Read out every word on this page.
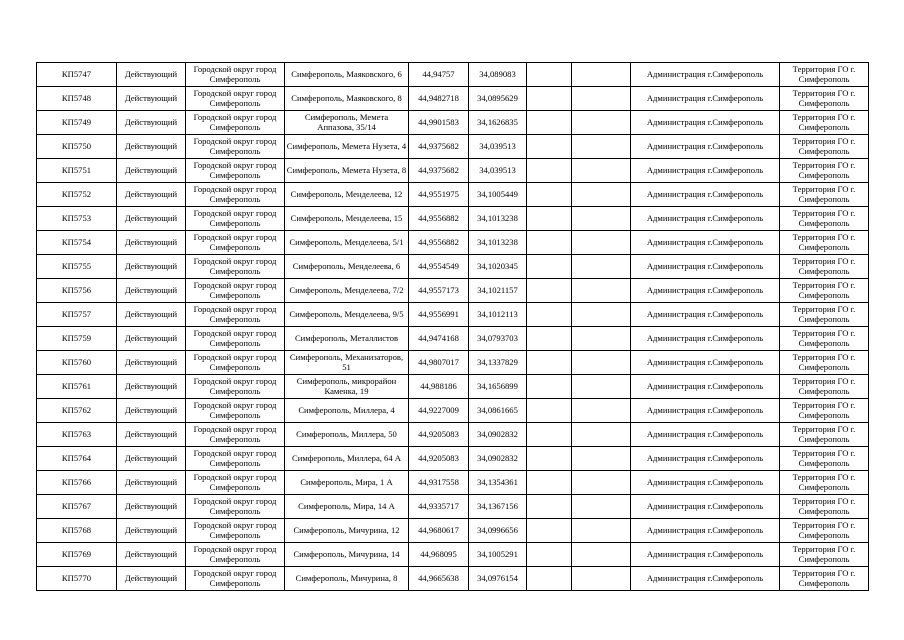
КП5747	Действующий	Городской округ город Симферополь	Симферополь, Маяковского, 6	44,94757	34,089083			Администрация г.Симферополь	Территория ГО г. Симферополь
КП5748	Действующий	Городской округ город Симферополь	Симферополь, Маяковского, 8	44,9482718	34,0895629			Администрация г.Симферополь	Территория ГО г. Симферополь
КП5749	Действующий	Городской округ город Симферополь	Симферополь, Мемета Аппазова, 35/14	44,9901583	34,1626835			Администрация г.Симферополь	Территория ГО г. Симферополь
КП5750	Действующий	Городской округ город Симферополь	Симферополь, Мемета Нузета, 4	44,9375682	34,039513			Администрация г.Симферополь	Территория ГО г. Симферополь
КП5751	Действующий	Городской округ город Симферополь	Симферополь, Мемета Нузета, 8	44,9375682	34,039513			Администрация г.Симферополь	Территория ГО г. Симферополь
КП5752	Действующий	Городской округ город Симферополь	Симферополь, Менделеева, 12	44,9551975	34,1005449			Администрация г.Симферополь	Территория ГО г. Симферополь
КП5753	Действующий	Городской округ город Симферополь	Симферополь, Менделеева, 15	44,9556882	34,1013238			Администрация г.Симферополь	Территория ГО г. Симферополь
КП5754	Действующий	Городской округ город Симферополь	Симферополь, Менделеева, 5/1	44,9556882	34,1013238			Администрация г.Симферополь	Территория ГО г. Симферополь
КП5755	Действующий	Городской округ город Симферополь	Симферополь, Менделеева, 6	44,9554549	34,1020345			Администрация г.Симферополь	Территория ГО г. Симферополь
КП5756	Действующий	Городской округ город Симферополь	Симферополь, Менделеева, 7/2	44,9557173	34,1021157			Администрация г.Симферополь	Территория ГО г. Симферополь
КП5757	Действующий	Городской округ город Симферополь	Симферополь, Менделеева, 9/5	44,9556991	34,1012113			Администрация г.Симферополь	Территория ГО г. Симферополь
КП5759	Действующий	Городской округ город Симферополь	Симферополь, Металлистов	44,9474168	34,0793703			Администрация г.Симферополь	Территория ГО г. Симферополь
КП5760	Действующий	Городской округ город Симферополь	Симферополь, Механизаторов, 51	44,9807017	34,1337829			Администрация г.Симферополь	Территория ГО г. Симферополь
КП5761	Действующий	Городской округ город Симферополь	Симферополь, микрорайон Каменка, 19	44,988186	34,1656899			Администрация г.Симферополь	Территория ГО г. Симферополь
КП5762	Действующий	Городской округ город Симферополь	Симферополь, Миллера, 4	44,9227009	34,0861665			Администрация г.Симферополь	Территория ГО г. Симферополь
КП5763	Действующий	Городской округ город Симферополь	Симферополь, Миллера, 50	44,9205083	34,0902832			Администрация г.Симферополь	Территория ГО г. Симферополь
КП5764	Действующий	Городской округ город Симферополь	Симферополь, Миллера, 64 А	44,9205083	34,0902832			Администрация г.Симферополь	Территория ГО г. Симферополь
КП5766	Действующий	Городской округ город Симферополь	Симферополь, Мира, 1 А	44,9317558	34,1354361			Администрация г.Симферополь	Территория ГО г. Симферополь
КП5767	Действующий	Городской округ город Симферополь	Симферополь, Мира, 14 А	44,9335717	34,1367156			Администрация г.Симферополь	Территория ГО г. Симферополь
КП5768	Действующий	Городской округ город Симферополь	Симферополь, Мичурина, 12	44,9680617	34,0996656			Администрация г.Симферополь	Территория ГО г. Симферополь
КП5769	Действующий	Городской округ город Симферополь	Симферополь, Мичурина, 14	44,968095	34,1005291			Администрация г.Симферополь	Территория ГО г. Симферополь
КП5770	Действующий	Городской округ город Симферополь	Симферополь, Мичурина, 8	44,9665638	34,0976154			Администрация г.Симферополь	Территория ГО г. Симферополь
